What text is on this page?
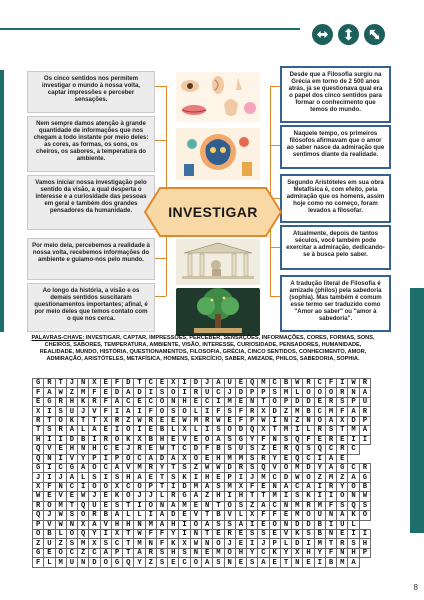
Os cinco sentidos nos permitem investigar o mundo à nossa volta, captar impressões e perceber sensações.
Nem sempre damos atenção à grande quantidade de informações que nos chegam a todo instante por meio deles: as cores, as formas, os sons, os cheiros, os sabores, a temperatura do ambiente.
Vamos iniciar nossa investigação pelo sentido da visão, a qual desperta o interesse e a curiosidade das pessoas em geral e também dos grandes pensadores da humanidade.
Por meio dela, percebemos a realidade à nossa volta, recebemos informações do ambiente e guiamo-nos pelo mundo.
Ao longo da história, a visão e os demais sentidos suscitaram questionamentos importantes; afinal, é por meio deles que temos contato com o que nos cerca.
Desde que a Filosofia surgiu na Grécia em torno de 2 500 anos atrás, já se questionava qual era o papel dos cinco sentidos para formar o conhecimento que temos do mundo.
Naquele tempo, os primeiros filósofos afirmavam que o amor ao saber nasce da admiração que sentimos diante da realidade.
Segundo Aristóteles em sua obra Metafísica é, com efeito, pela admiração que os homens, assim hoje como no começo, foram levados a filosofar.
Atualmente, depois de tantos séculos, você também pode exercitar a admiração, dedicando-se à busca pelo saber.
A tradução literal de Filosofia é amizade (philos) pela sabedoria (sophia). Mas também é comum esse termo ser traduzido como "Amor ao saber" ou "amor à sabedoria".
INVESTIGAR
PALAVRAS-CHAVE: INVESTIGAR, CAPTAR, IMPRESSÕES, PERCEBER, SENSAÇÕES, INFORMAÇÕES, CORES, FORMAS, SONS, CHEIROS, SABORES, TEMPERATURA, AMBIENTE, VISÃO, INTERESSE, CURIOSIDADE, PENSADORES, HUMANIDADE, REALIDADE, MUNDO, HISTÓRIA, QUESTIONAMENTOS, FILOSOFIA, GRÉCIA, CINCO SENTIDOS, CONHECIMENTO, AMOR, ADMIRAÇÃO, ARISTÓTELES, METAFÍSICA, HOMENS, EXERCÍCIO, SABER, AMIZADE, PHILOS, SABEDORIA, SOPHIA.
G	R	T	J	N	X	E	F	D	T	C	E	X	I	D	J	A	U	E	Q	M	C	B	W	R	C	F	I	W	R
F	A	W	Z	M	F	E	D	A	D	I	S	O	I	R	U	C	J	D	P	P	S	M	L	O	O	O	R	N	A
E	G	R	H	K	R	F	A	C	E	C	O	N	H	E	C	I	M	E	N	T	O	P	D	D	E	R	S	P	U
X	I	S	U	J	V	F	I	A	I	F	O	S	O	L	I	F	S	F	R	X	D	Z	M	B	C	M	F	A	R
R	T	O	K	T	T	X	R	Z	W	R	E	E	W	M	R	W	E	F	P	W	I	N	Z	N	O	A	X	D	P
T	S	R	A	L	A	E	I	O	I	E	B	L	X	L	I	S	O	D	Q	X	T	M	I	L	R	S	T	M	A
H	I	I	D	B	I	R	O	K	X	B	H	E	V	E	O	A	S	G	Y	F	N	S	Q	F	E	R	E	I	I
Q	V	E	H	N	H	C	E	J	R	E	W	T	C	D	F	B	S	U	S	Z	E	R	Q	S	Q	C	R	C	
Q	N	I	V	Y	P	I	P	O	C	A	D	A	X	O	E	H	M	M	S	R	Y	E	Q	C	I	A	E		
G	I	C	G	A	O	C	A	V	M	R	Y	T	S	Z	W	W	D	R	S	Q	V	O	M	D	Y	A	G	C	R
J	I	J	A	L	S	I	S	H	A	E	T	S	K	I	H	E	P	I	J	M	C	D	W	O	Z	M	Z	A	G
X	F	N	C	I	O	O	X	C	O	P	T	I	D	M	A	S	M	X	F	E	N	A	C	A	I	R	Y	O	B
W	E	V	E	W	J	E	K	O	J	J	L	R	G	A	Z	H	I	H	T	T	M	I	S	K	I	I	O	N	W
R	O	M	T	Q	U	E	S	T	I	O	N	A	M	E	N	T	O	S	Z	A	C	N	M	R	M	F	S	Q	S
Q	J	W	S	O	R	B	A	L	L	I	A	D	E	V	T	B	V	L	X	F	F	E	M	O	U	N	A	K	O
P	V	W	N	X	A	V	H	H	N	M	A	H	I	O	A	S	S	A	I	E	O	N	D	D	B	I	U	L	
O	B	L	O	Q	Y	I	X	T	W	F	F	Y	I	N	T	E	R	E	S	S	E	V	K	S	B	N	E	I	I
Z	U	Z	S	M	X	S	C	T	M	N	F	K	X	W	N	O	J	E	I	J	P	L	D	I	M	T	R	S	H
G	E	O	C	Z	C	A	P	T	A	R	S	H	S	N	E	M	O	H	Y	C	K	Y	X	H	Y	F	N	H	P
F	L	M	U	N	D	O	G	Q	Y	Z	S	E	C	O	A	S	N	E	S	A	E	T	N	E	I	B	M	A	
8
